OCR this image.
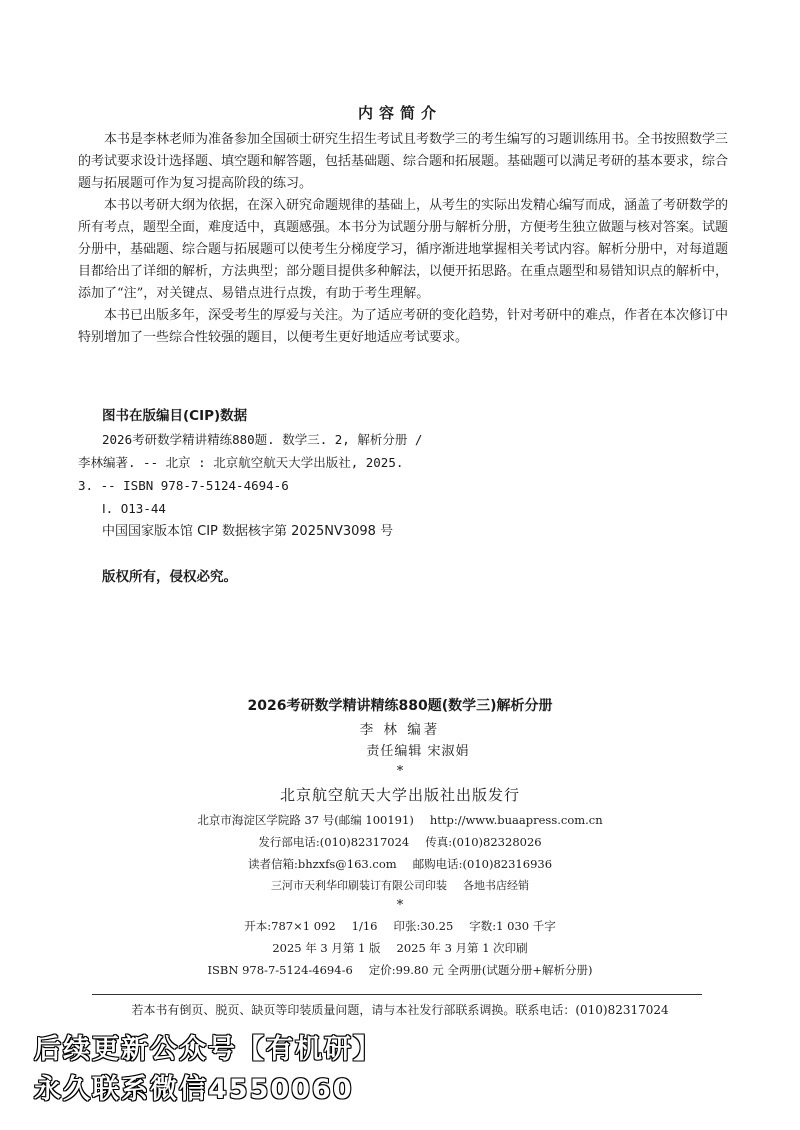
内容简介

本书是李林老师为准备参加全国硕士研究生招生考试且考数学三的考生编写的习题训练用书。全书按照数学三的考试要求设计选择题、填空题和解答题，包括基础题、综合题和拓展题。基础题可以满足考研的基本要求，综合题与拓展题可作为复习提高阶段的练习。

本书以考研大纲为依据，在深入研究命题规律的基础上，从考生的实际出发精心编写而成，涵盖了考研数学的所有考点，题型全面，难度适中，真题感强。本书分为试题分册与解析分册，方便考生独立做题与核对答案。试题分册中，基础题、综合题与拓展题可以使考生分梯度学习，循序渐进地掌握相关考试内容。解析分册中，对每道题目都给出了详细的解析，方法典型；部分题目提供多种解法，以便开拓思路。在重点题型和易错知识点的解析中，添加了“注”，对关键点、易错点进行点拨，有助于考生理解。

本书已出版多年，深受考生的厚爱与关注。为了适应考研的变化趋势，针对考研中的难点，作者在本次修订中特别增加了一些综合性较强的题目，以便考生更好地适应考试要求。

图书在版编目(CIP)数据
2026考研数学精讲精练880题. 数学三. 2, 解析分册 /
李林编著. -- 北京 : 北京航空航天大学出版社, 2025.
3. -- ISBN 978-7-5124-4694-6
Ⅰ. O13-44
中国国家版本馆 CIP 数据核字第 2025NV3098 号
版权所有，侵权必究。
2026考研数学精讲精练880题(数学三)解析分册
李 林 编著
责任编辑 宋淑娟
*
北京航空航天大学出版社出版发行
北京市海淀区学院路 37 号(邮编 100191) http://www.buaapress.com.cn
发行部电话:(010)82317024 传真:(010)82328026
读者信箱:bhzxfs@163.com 邮购电话:(010)82316936
三河市天利华印刷装订有限公司印装 各地书店经销
*
开本:787×1 092 1/16 印张:30.25 字数:1 030 千字
2025 年 3 月第 1 版 2025 年 3 月第 1 次印刷
ISBN 978-7-5124-4694-6 定价:99.80 元 全两册(试题分册+解析分册)
若本书有倒页、脱页、缺页等印装质量问题，请与本社发行部联系调换。联系电话：(010)82317024
后续更新公众号【有机研】
永久联系微信4550060
